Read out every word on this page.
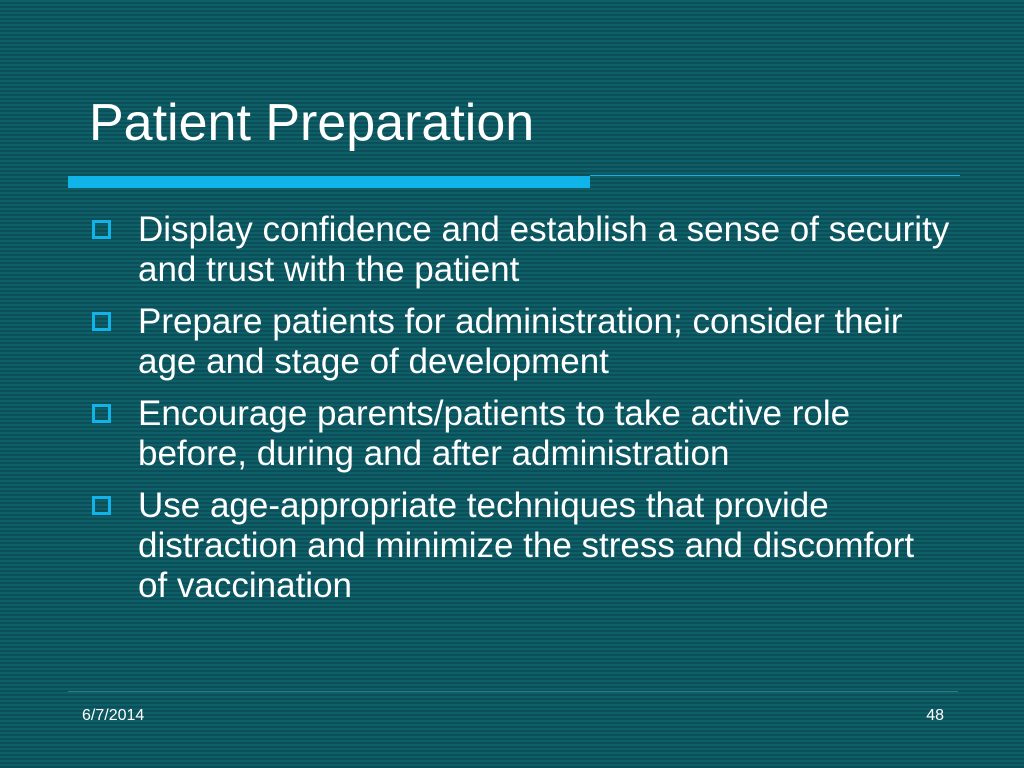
Patient Preparation
Display confidence and establish a sense of security and trust with the patient
Prepare patients for administration; consider their age and stage of development
Encourage parents/patients to take active role before, during and after administration
Use age-appropriate techniques that provide distraction and minimize the stress and discomfort of vaccination
6/7/2014	48
